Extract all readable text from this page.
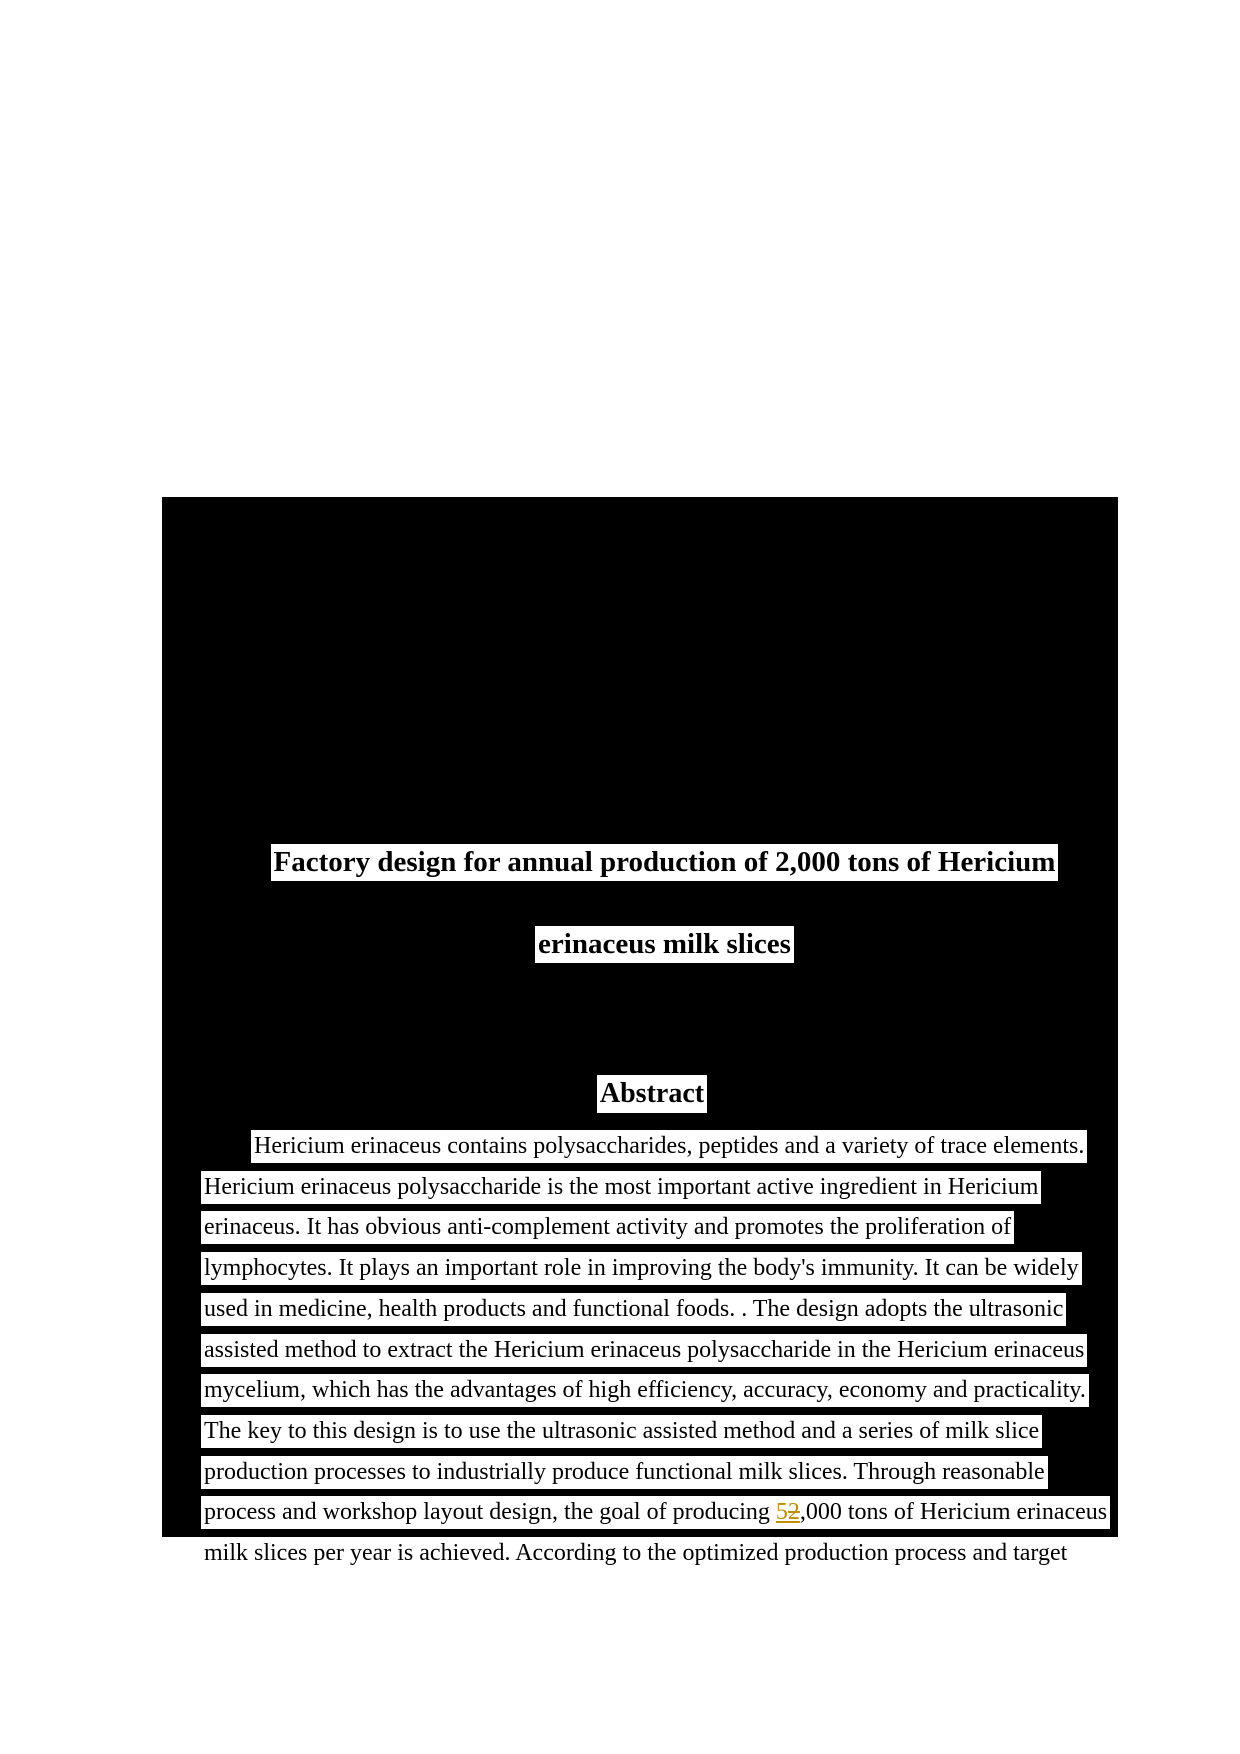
Factory design for annual production of 2,000 tons of Hericium

erinaceus milk slices

Abstract

Hericium erinaceus contains polysaccharides, peptides and a variety of trace elements.

Hericium erinaceus polysaccharide is the most important active ingredient in Hericium

erinaceus. It has obvious anti-complement activity and promotes the proliferation of

lymphocytes. It plays an important role in improving the body's immunity. It can be widely

used in medicine, health products and functional foods. . The design adopts the ultrasonic

assisted method to extract the Hericium erinaceus polysaccharide in the Hericium erinaceus

mycelium, which has the advantages of high efficiency, accuracy, economy and practicality.

The key to this design is to use the ultrasonic assisted method and a series of milk slice

production processes to industrially produce functional milk slices. Through reasonable

process and workshop layout design, the goal of producing 52,000 tons of Hericium erinaceus

milk slices per year is achieved. According to the optimized production process and target
